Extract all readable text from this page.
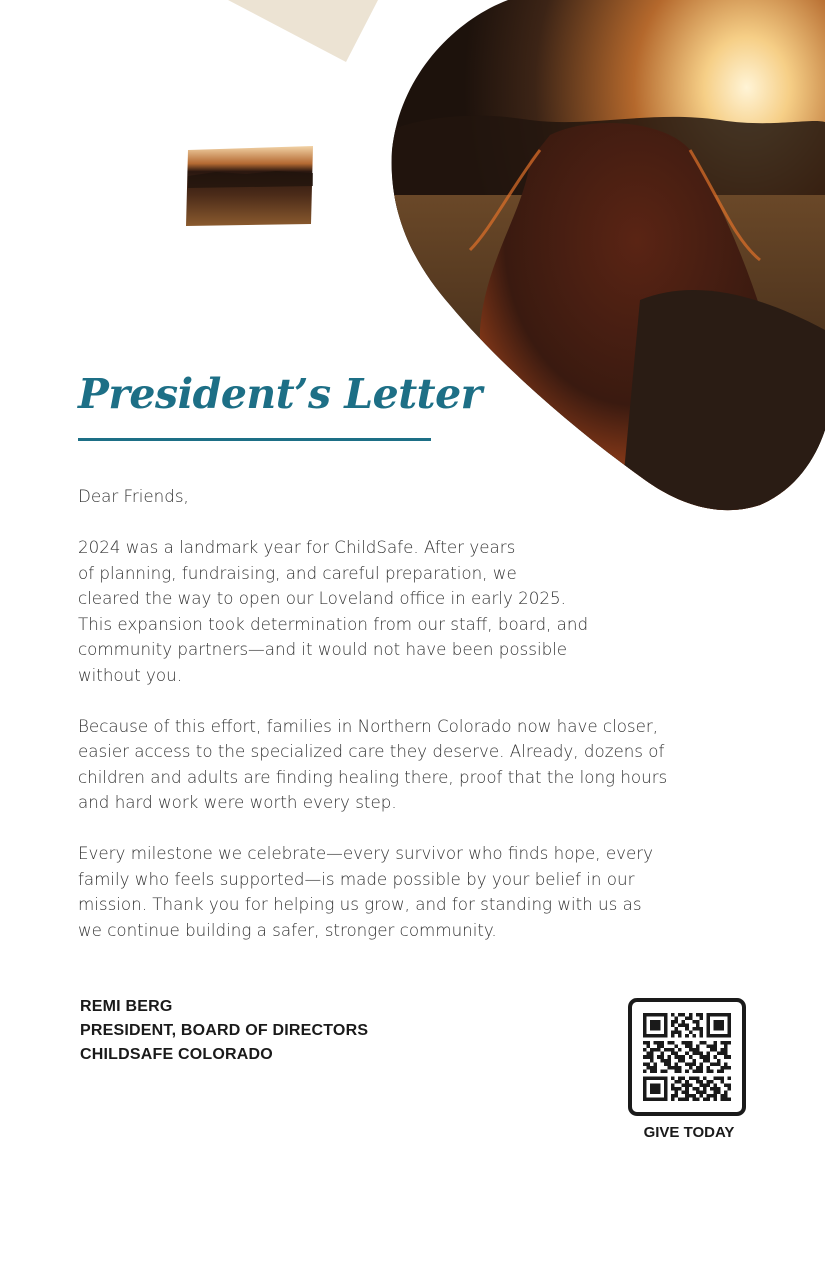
President’s Letter

Dear Friends,

2024 was a landmark year for ChildSafe. After years

of planning, fundraising, and careful preparation, we

cleared the way to open our Loveland office in early 2025.

This expansion took determination from our staff, board, and

community partners—and it would not have been possible

without you.

Because of this effort, families in Northern Colorado now have closer,

easier access to the specialized care they deserve. Already, dozens of

children and adults are finding healing there, proof that the long hours

and hard work were worth every step.

Every milestone we celebrate—every survivor who finds hope, every

family who feels supported—is made possible by your belief in our

mission. Thank you for helping us grow, and for standing with us as

we continue building a safer, stronger community.

REMI BERG
PRESIDENT, BOARD OF DIRECTORS
CHILDSAFE COLORADO
GIVE TODAY
